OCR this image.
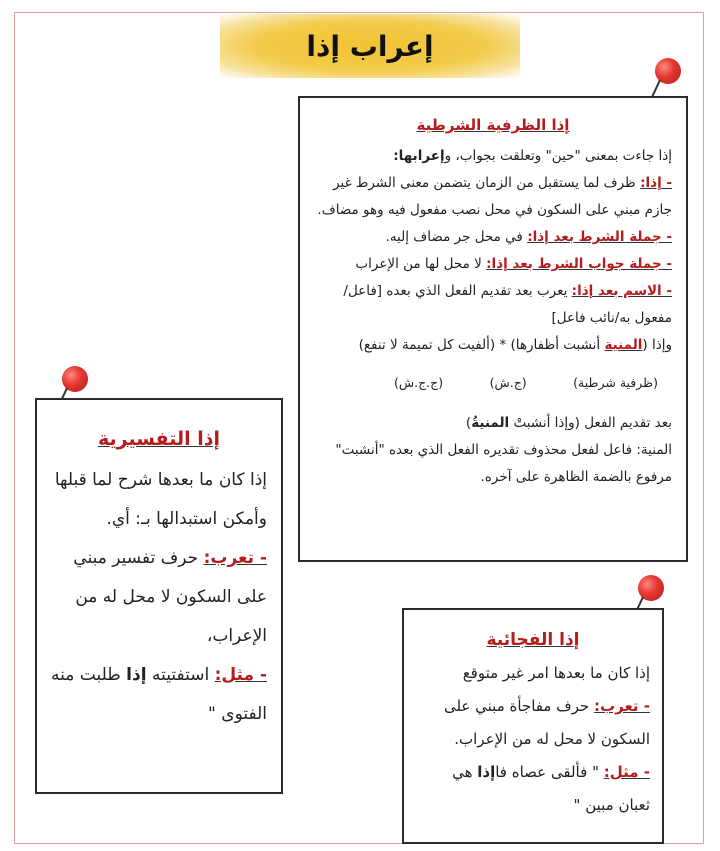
إعراب إذا
إذا الظرفية الشرطية
إذا جاءت بمعنى "حين" وتعلقت بجواب، وإعرابها:
- إذا: ظرف لما يستقبل من الزمان يتضمن معنى الشرط غير جازم مبني على السكون في محل نصب مفعول فيه وهو مضاف.
- جملة الشرط بعد إذا: في محل جر مضاف إليه.
- جملة جواب الشرط بعد إذا: لا محل لها من الإعراب
- الاسم بعد إذا: يعرب بعد تقديم الفعل الذي بعده [فاعل/مفعول به/نائب فاعل]
وإذا (المنية أنشبت أظفارها) * (ألفيت كل تميمة لا تنفع)
(ظرفية شرطية)
(ج.ش)
(ج.ج.ش)
بعد تقديم الفعل (وإذا أنشبتْ المنيةُ)
المنية: فاعل لفعل محذوف تقديره الفعل الذي بعده "أنشبت" مرفوع بالضمة الظاهرة على آخره.
إذا التفسيرية
إذا كان ما بعدها شرح لما قبلها وأمكن استبدالها بـ: أي.
- تعرب: حرف تفسير مبني على السكون لا محل له من الإعراب،
- مثل: استفتيته إذا طلبت منه الفتوى "
إذا الفجائية
إذا كان ما بعدها امر غير متوقع
- تعرب: حرف مفاجأة مبني على السكون لا محل له من الإعراب.
- مثل: " فألقى عصاه فاإذا هي ثعبان مبين "
